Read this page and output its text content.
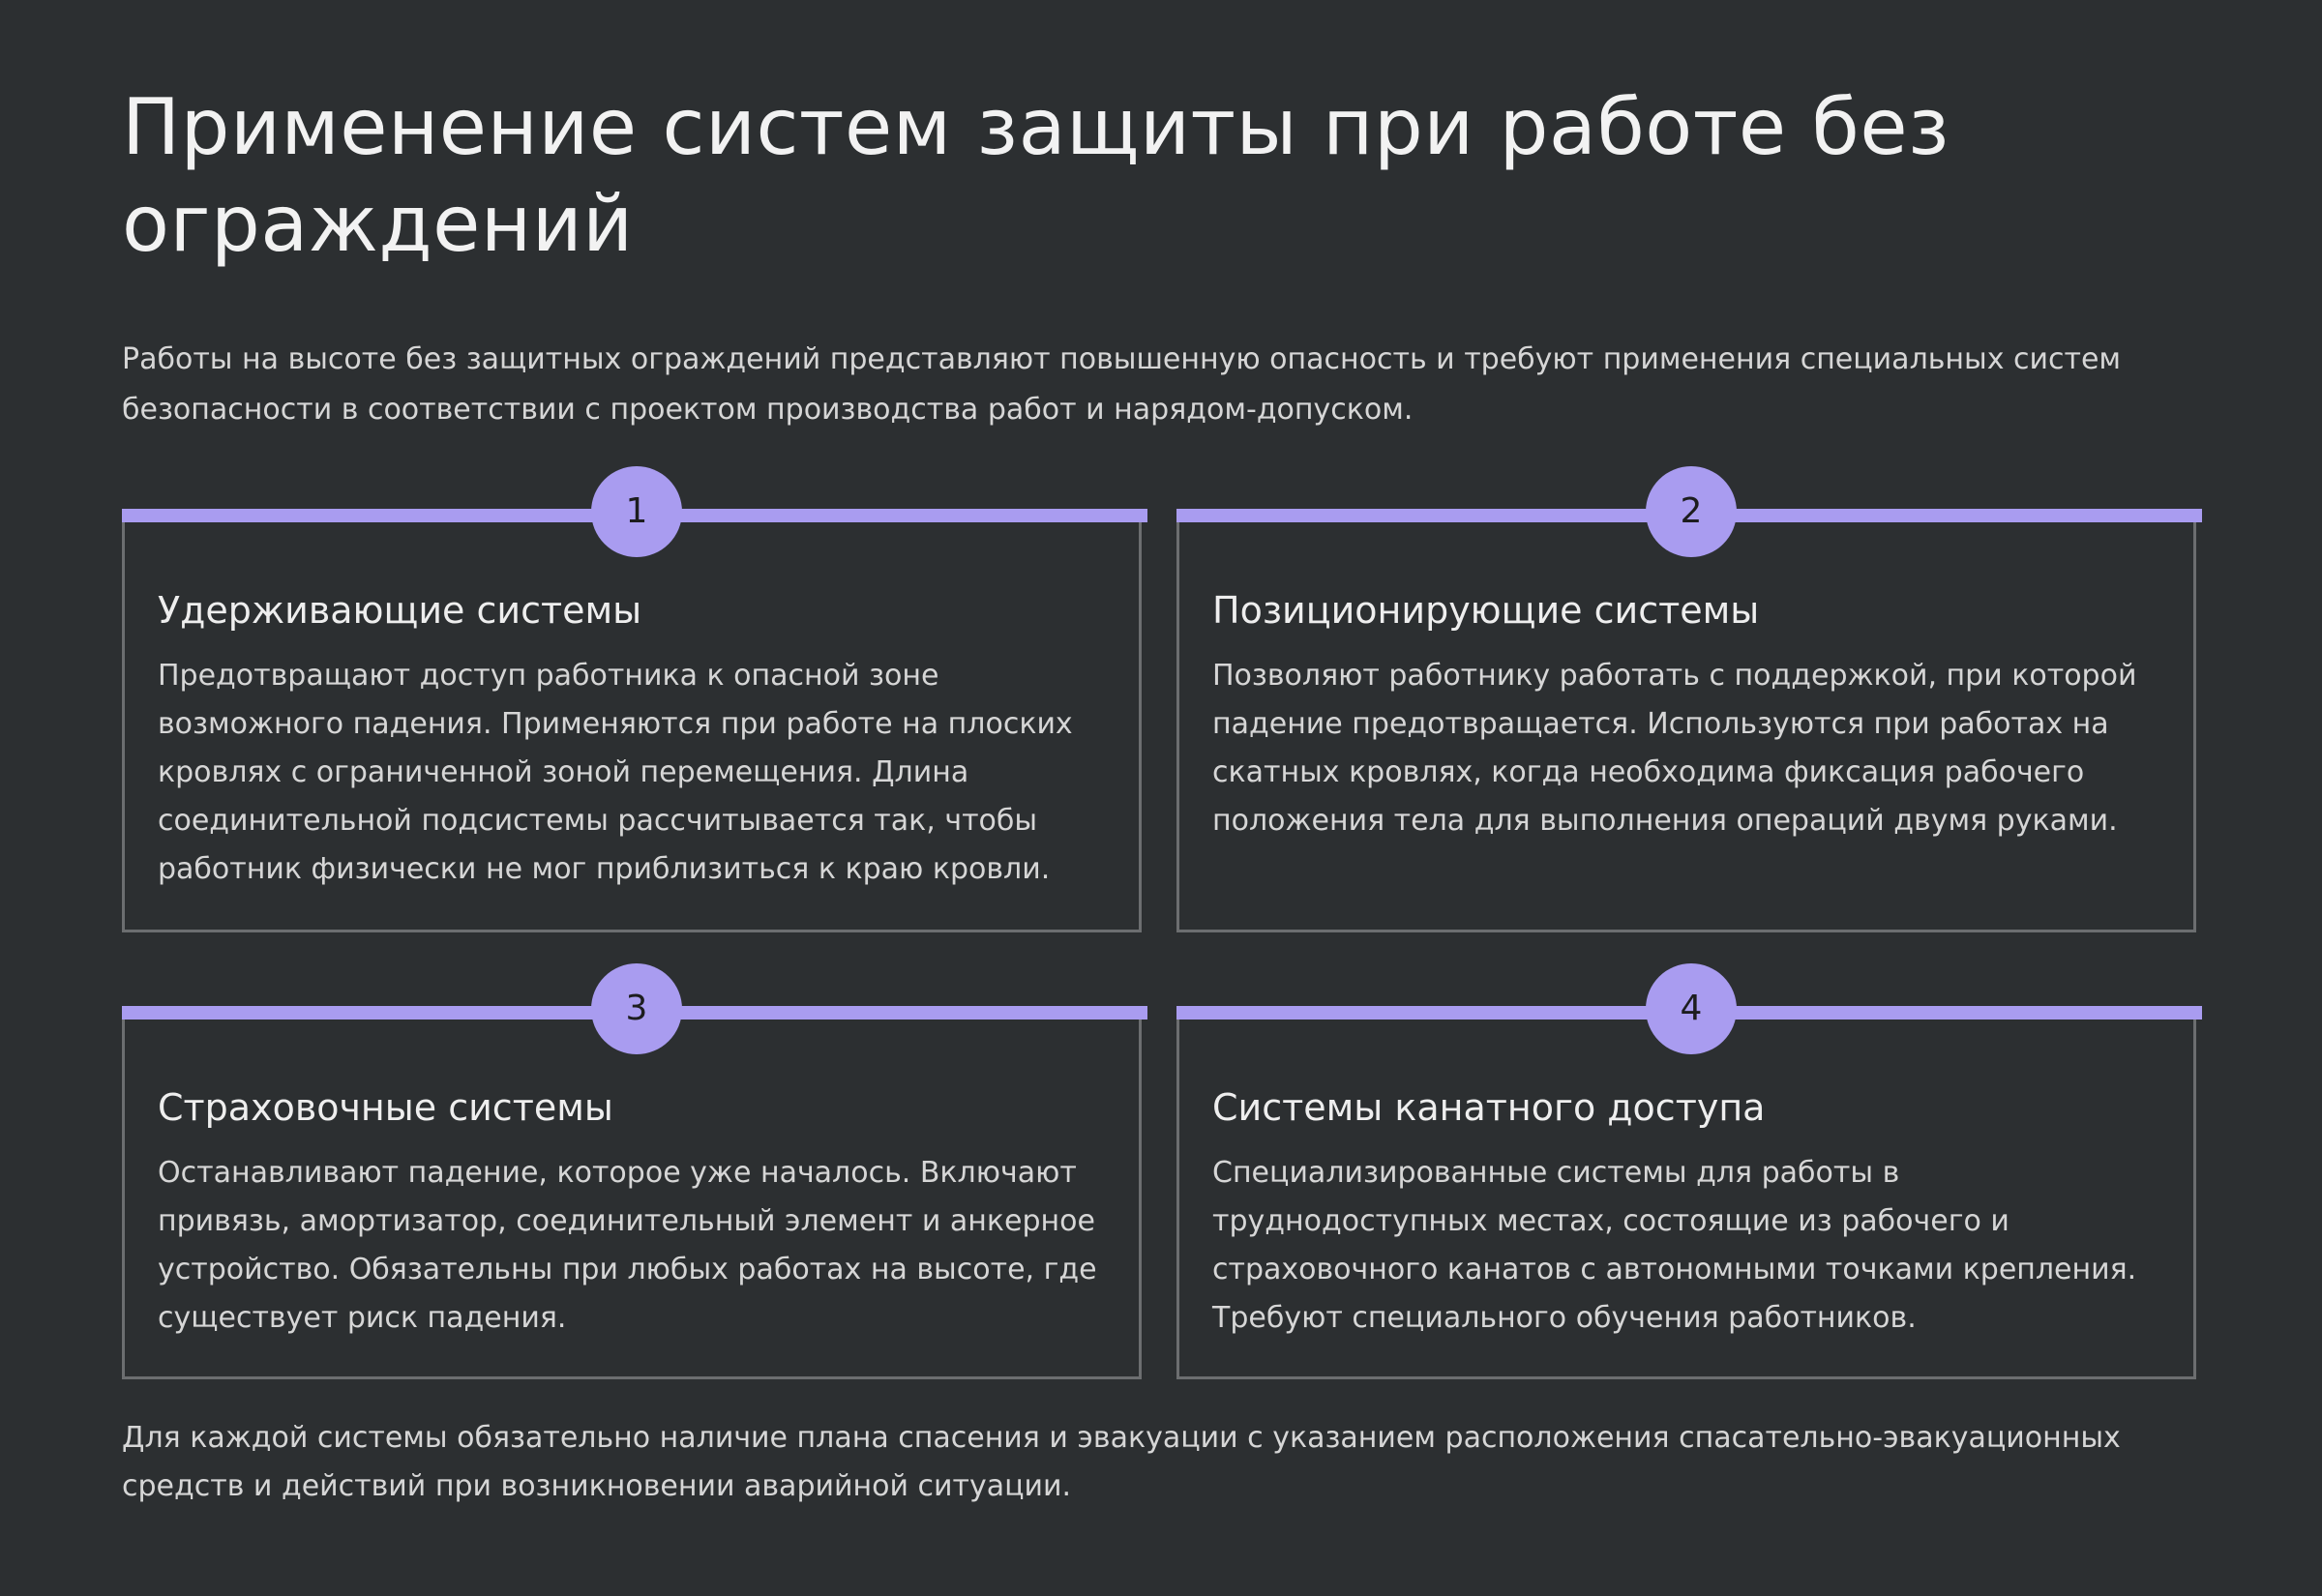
Применение систем защиты при работе без ограждений

Работы на высоте без защитных ограждений представляют повышенную опасность и требуют применения специальных систем безопасности в соответствии с проектом производства работ и нарядом-допуском.

1
Удерживающие системы

Предотвращают доступ работника к опасной зоне возможного падения. Применяются при работе на плоских кровлях с ограниченной зоной перемещения. Длина соединительной подсистемы рассчитывается так, чтобы работник физически не мог приблизиться к краю кровли.

2
Позиционирующие системы

Позволяют работнику работать с поддержкой, при которой падение предотвращается. Используются при работах на скатных кровлях, когда необходима фиксация рабочего положения тела для выполнения операций двумя руками.

3
Страховочные системы

Останавливают падение, которое уже началось. Включают привязь, амортизатор, соединительный элемент и анкерное устройство. Обязательны при любых работах на высоте, где существует риск падения.

4
Системы канатного доступа

Специализированные системы для работы в труднодоступных местах, состоящие из рабочего и страховочного канатов с автономными точками крепления. Требуют специального обучения работников.

Для каждой системы обязательно наличие плана спасения и эвакуации с указанием расположения спасательно-эвакуационных средств и действий при возникновении аварийной ситуации.
